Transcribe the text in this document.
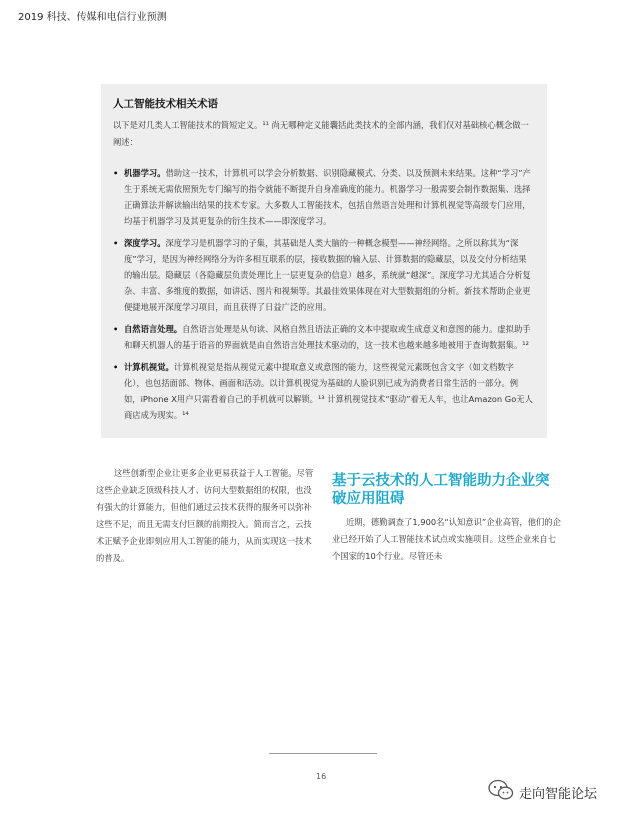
2019 科技、传媒和电信行业预测
人工智能技术相关术语

以下是对几类人工智能技术的简短定义。¹¹ 尚无哪种定义能囊括此类技术的全部内涵，我们仅对基础核心概念做一阐述：

• 机器学习。借助这一技术，计算机可以学会分析数据、识别隐藏模式、分类、以及预测未来结果。这种“学习”产生于系统无需依照预先专门编写的指令就能不断提升自身准确度的能力。机器学习一般需要会制作数据集、选择正确算法并解读输出结果的技术专家。大多数人工智能技术，包括自然语言处理和计算机视觉等高级专门应用，均基于机器学习及其更复杂的衍生技术——即深度学习。

• 深度学习。深度学习是机器学习的子集，其基础是人类大脑的一种概念模型——神经网络。之所以称其为“深度”学习，是因为神经网络分为许多相互联系的层，接收数据的输入层、计算数据的隐藏层，以及交付分析结果的输出层。隐藏层（各隐藏层负责处理比上一层更复杂的信息）越多，系统就“越深”。深度学习尤其适合分析复杂、丰富、多维度的数据，如讲话、图片和视频等。其最佳效果体现在对大型数据组的分析。新技术帮助企业更便捷地展开深度学习项目，而且获得了日益广泛的应用。

• 自然语言处理。自然语言处理是从句读、风格自然且语法正确的文本中提取或生成意义和意图的能力。虚拟助手和聊天机器人的基于语音的界面就是由自然语言处理技术驱动的，这一技术也越来越多地被用于查询数据集。¹²

• 计算机视觉。计算机视觉是指从视觉元素中提取意义或意图的能力，这些视觉元素既包含文字（如文档数字化），也包括面部、物体、画面和活动。以计算机视觉为基础的人脸识别已成为消费者日常生活的一部分。例如，iPhone X用户只需看着自己的手机就可以解锁。¹³ 计算机视觉技术“驱动”着无人车，也让Amazon Go无人商店成为现实。¹⁴

这些创新型企业让更多企业更易获益于人工智能。尽管这些企业缺乏顶级科技人才、访问大型数据组的权限，也没有强大的计算能力，但他们通过云技术获得的服务可以弥补这些不足，而且无需支付巨额的前期投入。简而言之，云技术正赋予企业即刻应用人工智能的能力，从而实现这一技术的普及。

基于云技术的人工智能助力企业突破应用阻碍

近期，德勤调查了1,900名“认知意识”企业高管，他们的企业已经开始了人工智能技术试点或实施项目。这些企业来自七个国家的10个行业。尽管还未

16
走向智能论坛
